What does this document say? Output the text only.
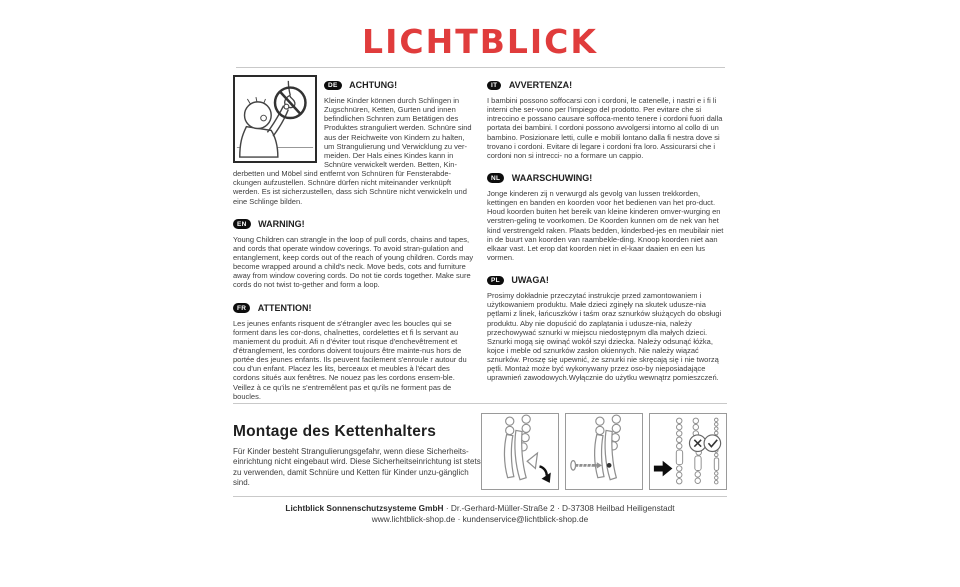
LICHTBLICK
DE ACHTUNG!

Kleine Kinder können durch Schlingen in Zugschnüren, Ketten, Gurten und innen befindlichen Schnren zum Betätigen des Produktes stranguliert werden. Schnüre sind aus der Reichweite von Kindern zu halten, um Strangulierung und Verwicklung zu ver-meiden. Der Hals eines Kindes kann in Schnüre verwickelt werden. Betten, Kin-derbetten und Möbel sind entfernt von Schnüren für Fensterabde-ckungen aufzustellen. Schnüre dürfen nicht miteinander verknüpft werden. Es ist sicherzustellen, dass sich Schnüre nicht verwickeln und eine Schlinge bilden.

EN WARNING!

Young Children can strangle in the loop of pull cords, chains and tapes, and cords that operate window coverings. To avoid stran-gulation and entanglement, keep cords out of the reach of young children. Cords may become wrapped around a child's neck. Move beds, cots and furniture away from window covering cords. Do not tie cords together. Make sure cords do not twist to-gether and form a loop.

FR ATTENTION!

Les jeunes enfants risquent de s'étrangler avec les boucles qui se forment dans les cor-dons, chaînettes, cordelettes et fi ls servant au maniement du produit. Afi n d'éviter tout risque d'enchevêtrement et d'étranglement, les cordons doivent toujours être mainte-nus hors de portée des jeunes enfants. Ils peuvent facilement s'enroule r autour du cou d'un enfant. Placez les lits, berceaux et meubles à l'écart des cordons situés aux fenêtres. Ne nouez pas les cordons ensem-ble. Veillez à ce qu'ils ne s'entremêlent pas et qu'ils ne forment pas de boucles.

IT AVVERTENZA!

I bambini possono soffocarsi con i cordoni, le catenelle, i nastri e i fi li interni che ser-vono per l'impiego del prodotto. Per evitare che si intreccino e possano causare soffoca-mento tenere i cordoni fuori dalla portata dei bambini. I cordoni possono avvolgersi intorno al collo di un bambino. Posizionare letti, culle e mobili lontano dalla fi nestra dove si trovano i cordoni. Evitare di legare i cordoni fra loro. Assicurarsi che i cordoni non si intrecci- no a formare un cappio.

NL WAARSCHUWING!

Jonge kinderen zij n verwurgd als gevolg van lussen trekkorden, kettingen en banden en koorden voor het bedienen van het pro-duct. Houd koorden buiten het bereik van kleine kinderen omver-wurging en verstren-geling te voorkomen. De Koorden kunnen om de nek van het kind verstrengeld raken. Plaats bedden, kinderbed-jes en meubilair niet in de buurt van koorden van raambekle-ding. Knoop koorden niet aan elkaar vast. Let erop dat koorden niet in el-kaar daaien en een lus vormen.

PL UWAGA!

Prosimy dokładnie przeczytać instrukcje przed zamontowaniem i użytkowaniem produktu. Małe dzieci zginęły na skutek udusze-nia pętlami z linek, łańcuszków i taśm oraz sznurków służących do obsługi produktu. Aby nie dopuścić do zaplątania i udusze-nia, należy przechowywać sznurki w miejscu niedostępnym dla małych dzieci. Sznurki mogą się owinąć wokół szyi dziecka. Należy odsunąć łóżka, kojce i meble od sznurków zasłon okiennych. Nie należy wiązać sznurków. Proszę się upewnić, że sznurki nie skręcają się i nie tworzą pętli. Montaż może być wykonywany przez oso-by nieposiadające uprawnień zawodowych.Wyłącznie do użytku wewnątrz pomieszczeń.

Montage des Kettenhalters

Für Kinder besteht Strangulierungsgefahr, wenn diese Sicherheits-einrichtung nicht eingebaut wird. Diese Sicherheitseinrichtung ist stets zu verwenden, damit Schnüre und Ketten für Kinder unzu-gänglich sind.

Lichtblick Sonnenschutzsysteme GmbH · Dr.-Gerhard-Müller-Straße 2 · D-37308 Heilbad Heiligenstadt
www.lichtblick-shop.de · kundenservice@lichtblick-shop.de
